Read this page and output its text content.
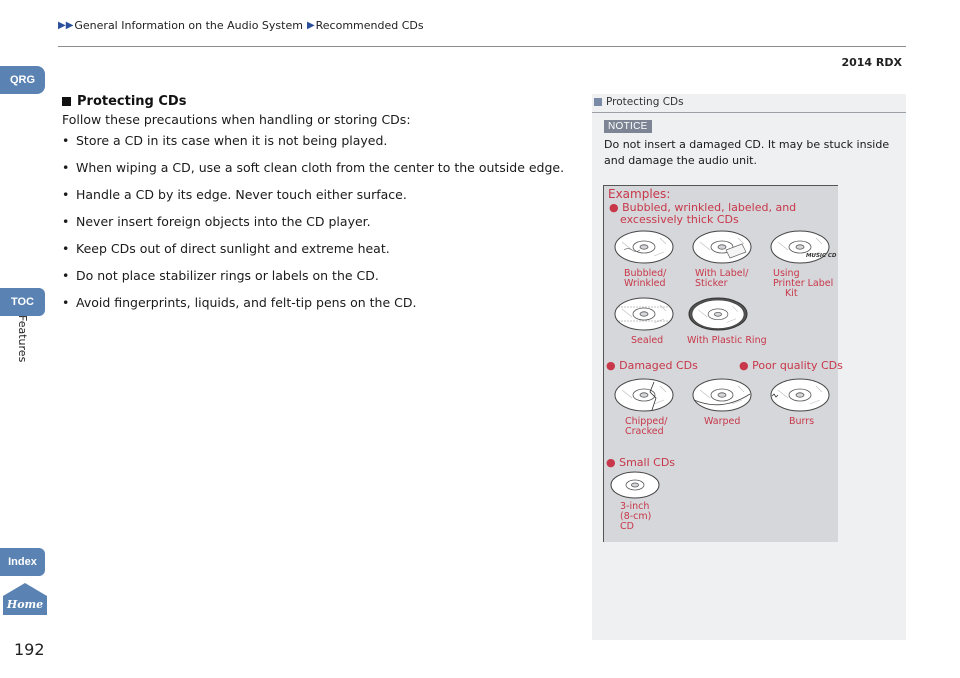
▶▶ General Information on the Audio System ▶ Recommended CDs
2014 RDX
QRG
TOC
Features
Index
Home
192
Protecting CDs
Follow these precautions when handling or storing CDs:
• Store a CD in its case when it is not being played.
• When wiping a CD, use a soft clean cloth from the center to the outside edge.
• Handle a CD by its edge. Never touch either surface.
• Never insert foreign objects into the CD player.
• Keep CDs out of direct sunlight and extreme heat.
• Do not place stabilizer rings or labels on the CD.
• Avoid fingerprints, liquids, and felt-tip pens on the CD.
Protecting CDs
NOTICE
Do not insert a damaged CD. It may be stuck inside and damage the audio unit.
Examples:
● Bubbled, wrinkled, labeled, and
excessively thick CDs
MUSIC CD
Bubbled/
Wrinkled
With Label/
Sticker
Using
Printer Label
Kit
Sealed	With Plastic Ring
● Damaged CDs	● Poor quality CDs
Chipped/
Cracked
Warped	Burrs
● Small CDs
3-inch
(8-cm)
CD
